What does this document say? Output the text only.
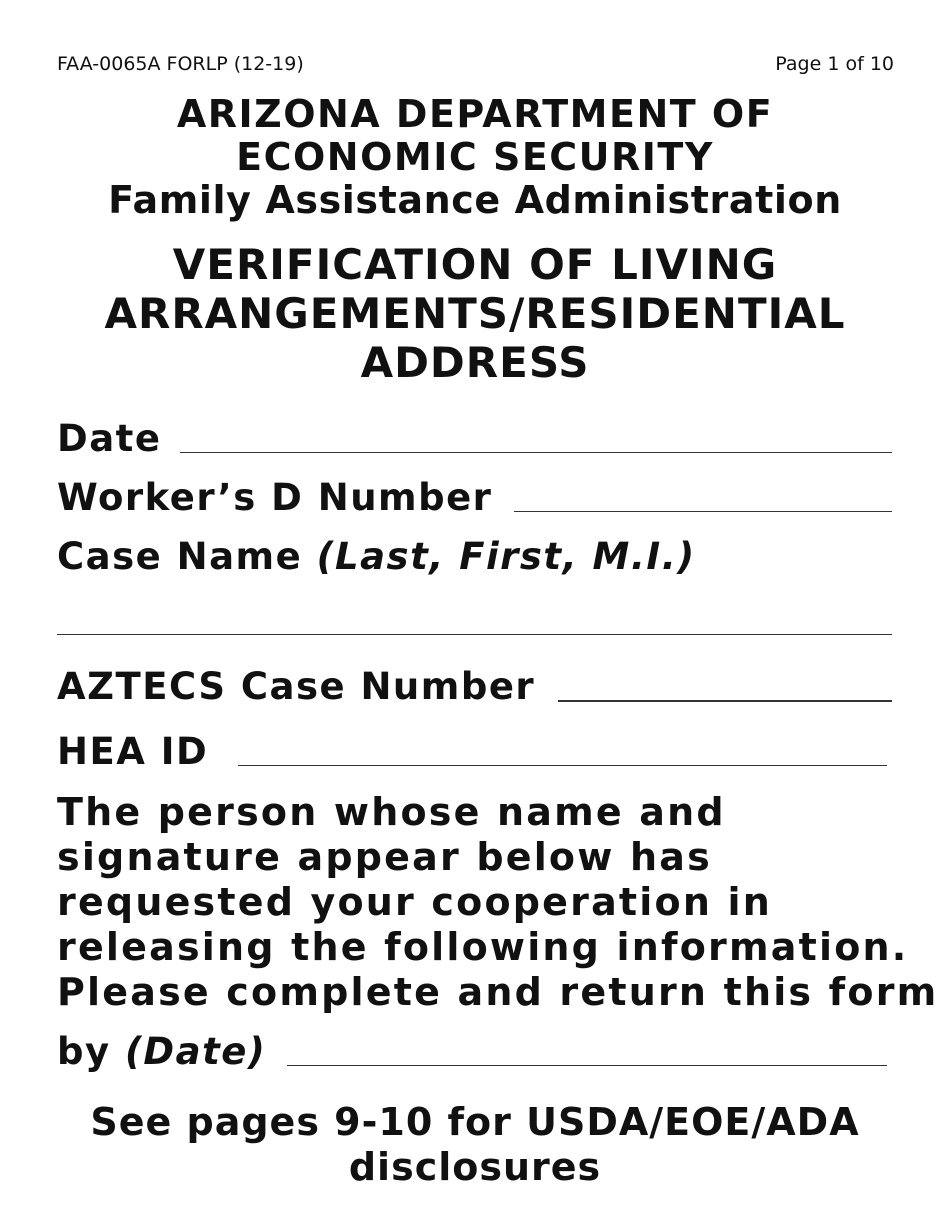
FAA-0065A FORLP (12-19)	Page 1 of 10
ARIZONA DEPARTMENT OF
ECONOMIC SECURITY
Family Assistance Administration
VERIFICATION OF LIVING
ARRANGEMENTS/RESIDENTIAL
ADDRESS
Date
Worker’s D Number
Case Name (Last, First, M.I.)
AZTECS Case Number
HEA ID
The person whose name and
signature appear below has
requested your cooperation in
releasing the following information.
Please complete and return this form
by (Date)
See pages 9-10 for USDA/EOE/ADA
disclosures
